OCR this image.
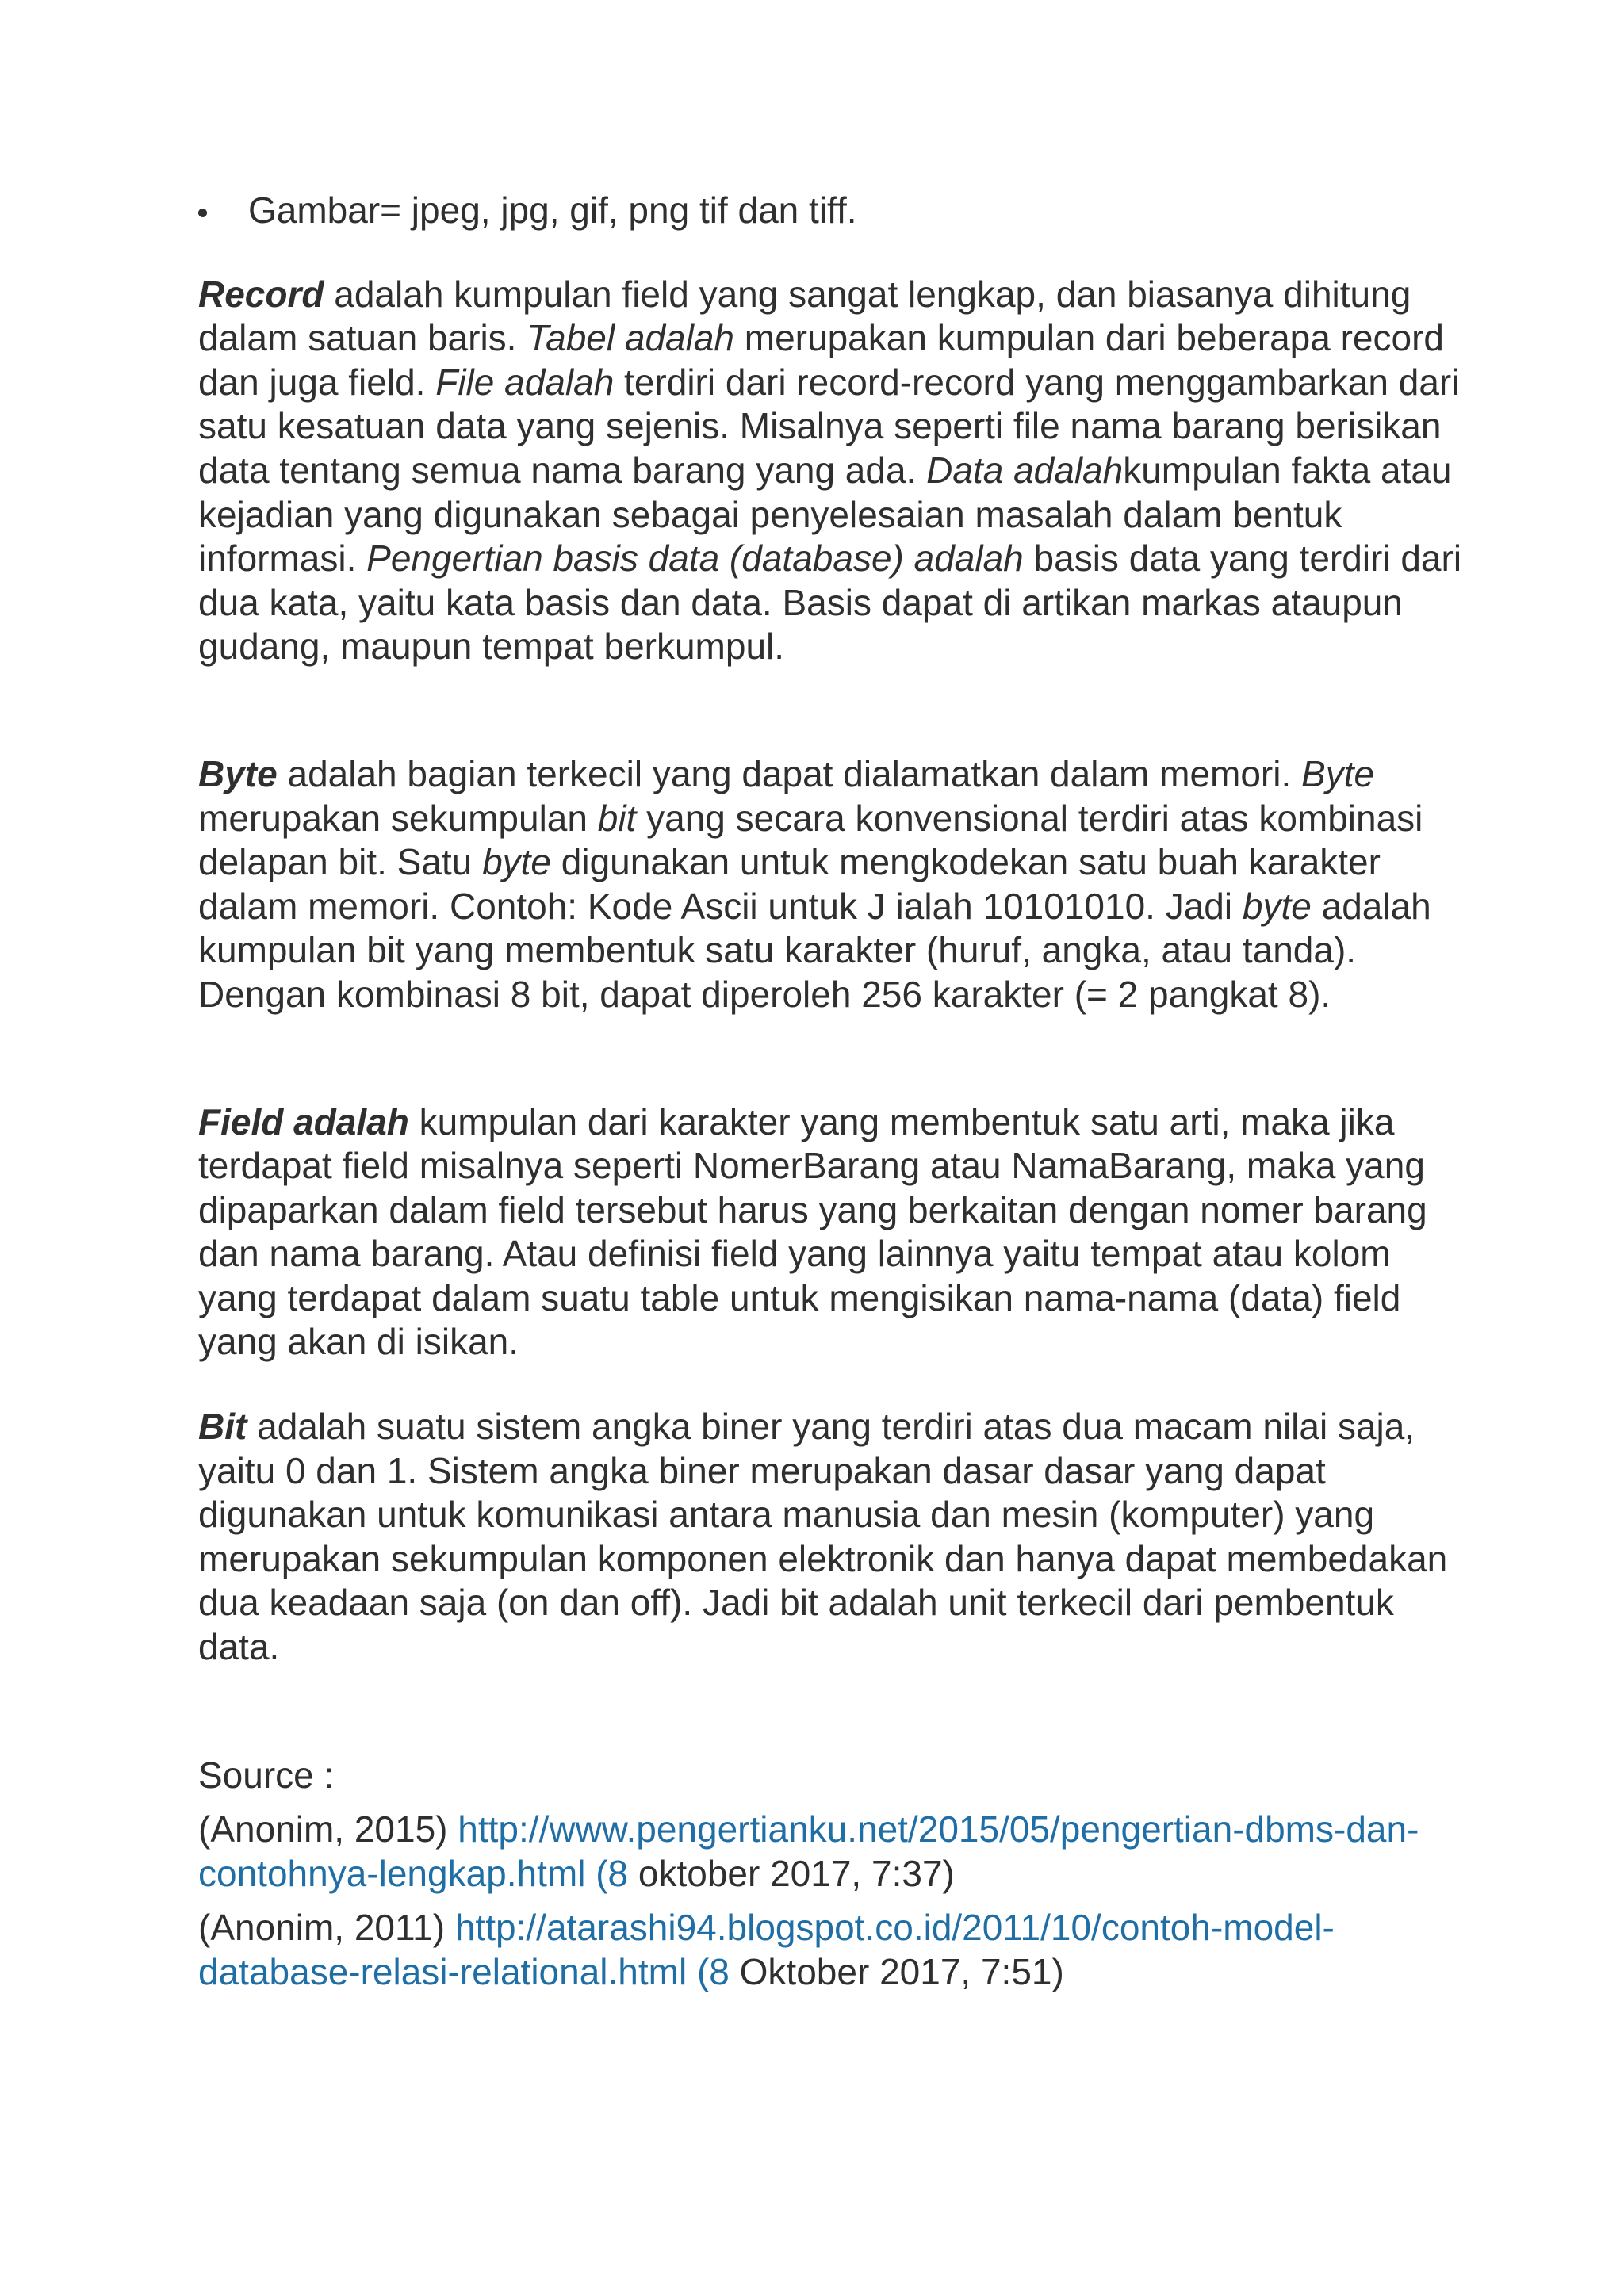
Gambar= jpeg, jpg, gif, png tif dan tiff.

Record adalah kumpulan field yang sangat lengkap, dan biasanya dihitung dalam satuan baris. Tabel adalah merupakan kumpulan dari beberapa record dan juga field. File adalah terdiri dari record-record yang menggambarkan dari satu kesatuan data yang sejenis. Misalnya seperti file nama barang berisikan data tentang semua nama barang yang ada. Data adalahkumpulan fakta atau kejadian yang digunakan sebagai penyelesaian masalah dalam bentuk informasi. Pengertian basis data (database) adalah basis data yang terdiri dari dua kata, yaitu kata basis dan data. Basis dapat di artikan markas ataupun gudang, maupun tempat berkumpul.

Byte adalah bagian terkecil yang dapat dialamatkan dalam memori. Byte merupakan sekumpulan bit yang secara konvensional terdiri atas kombinasi delapan bit. Satu byte digunakan untuk mengkodekan satu buah karakter dalam memori. Contoh: Kode Ascii untuk J ialah 10101010. Jadi byte adalah kumpulan bit yang membentuk satu karakter (huruf, angka, atau tanda). Dengan kombinasi 8 bit, dapat diperoleh 256 karakter (= 2 pangkat 8).

Field adalah kumpulan dari karakter yang membentuk satu arti, maka jika terdapat field misalnya seperti NomerBarang atau NamaBarang, maka yang dipaparkan dalam field tersebut harus yang berkaitan dengan nomer barang dan nama barang. Atau definisi field yang lainnya yaitu tempat atau kolom yang terdapat dalam suatu table untuk mengisikan nama-nama (data) field yang akan di isikan.

Bit adalah suatu sistem angka biner yang terdiri atas dua macam nilai saja, yaitu 0 dan 1. Sistem angka biner merupakan dasar dasar yang dapat digunakan untuk komunikasi antara manusia dan mesin (komputer) yang merupakan sekumpulan komponen elektronik dan hanya dapat membedakan dua keadaan saja (on dan off). Jadi bit adalah unit terkecil dari pembentuk data.

Source :

(Anonim, 2015) http://www.pengertianku.net/2015/05/pengertian-dbms-dan-contohnya-lengkap.html (8 oktober 2017, 7:37)

(Anonim, 2011) http://atarashi94.blogspot.co.id/2011/10/contoh-model-database-relasi-relational.html (8 Oktober 2017, 7:51)
